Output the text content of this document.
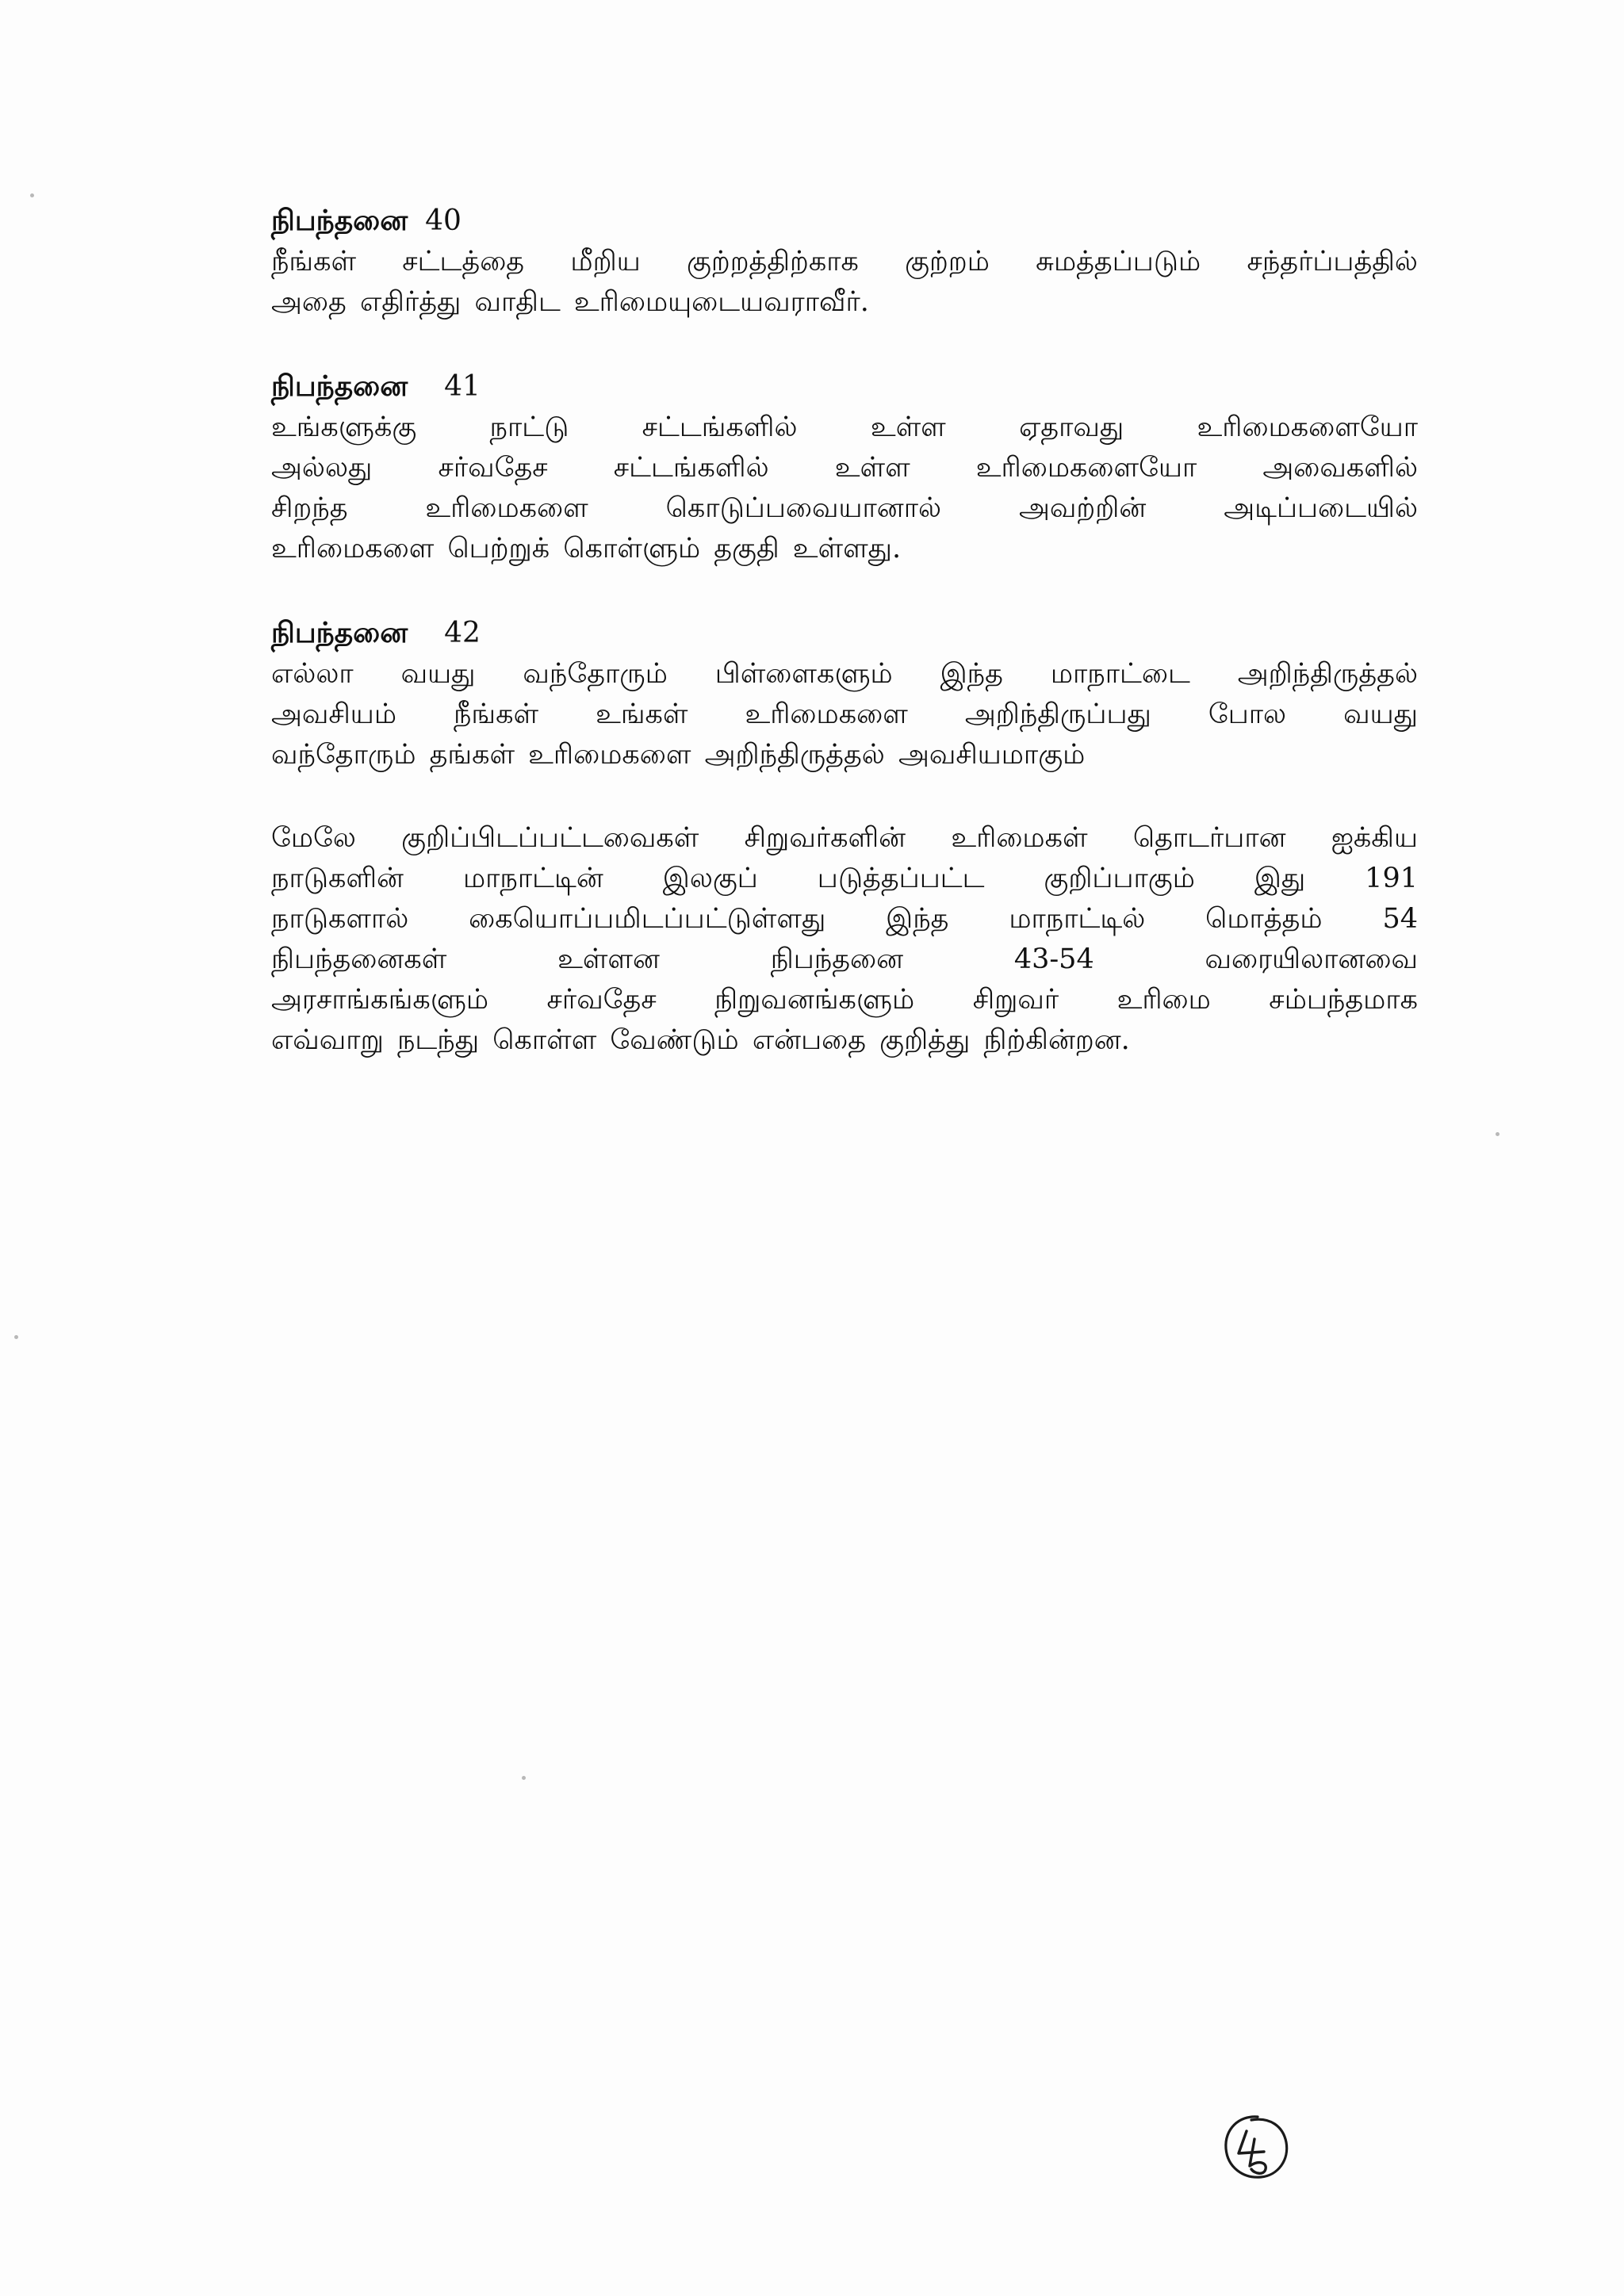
நிபந்தனை 40

நீங்கள் சட்டத்தை மீறிய குற்றத்திற்காக குற்றம் சுமத்தப்படும் சந்தர்ப்பத்தில்
அதை எதிர்த்து வாதிட உரிமையுடையவராவீர்.

நிபந்தனை 41

உங்களுக்கு நாட்டு சட்டங்களில் உள்ள ஏதாவது உரிமைகளையோ
அல்லது சர்வதேச சட்டங்களில் உள்ள உரிமைகளையோ அவைகளில்
சிறந்த உரிமைகளை கொடுப்பவையானால் அவற்றின் அடிப்படையில்
உரிமைகளை பெற்றுக் கொள்ளும் தகுதி உள்ளது.

நிபந்தனை 42

எல்லா வயது வந்தோரும் பிள்ளைகளும் இந்த மாநாட்டை அறிந்திருத்தல்
அவசியம் நீங்கள் உங்கள் உரிமைகளை அறிந்திருப்பது போல வயது
வந்தோரும் தங்கள் உரிமைகளை அறிந்திருத்தல் அவசியமாகும்

மேலே குறிப்பிடப்பட்டவைகள் சிறுவர்களின் உரிமைகள் தொடர்பான ஐக்கிய
நாடுகளின் மாநாட்டின் இலகுப் படுத்தப்பட்ட குறிப்பாகும் இது 191
நாடுகளால் கையொப்பமிடப்பட்டுள்ளது இந்த மாநாட்டில் மொத்தம் 54
நிபந்தனைகள் உள்ளன நிபந்தனை 43-54 வரையிலானவை
அரசாங்கங்களும் சர்வதேச நிறுவனங்களும் சிறுவர் உரிமை சம்பந்தமாக
எவ்வாறு நடந்து கொள்ள வேண்டும் என்பதை குறித்து நிற்கின்றன.
